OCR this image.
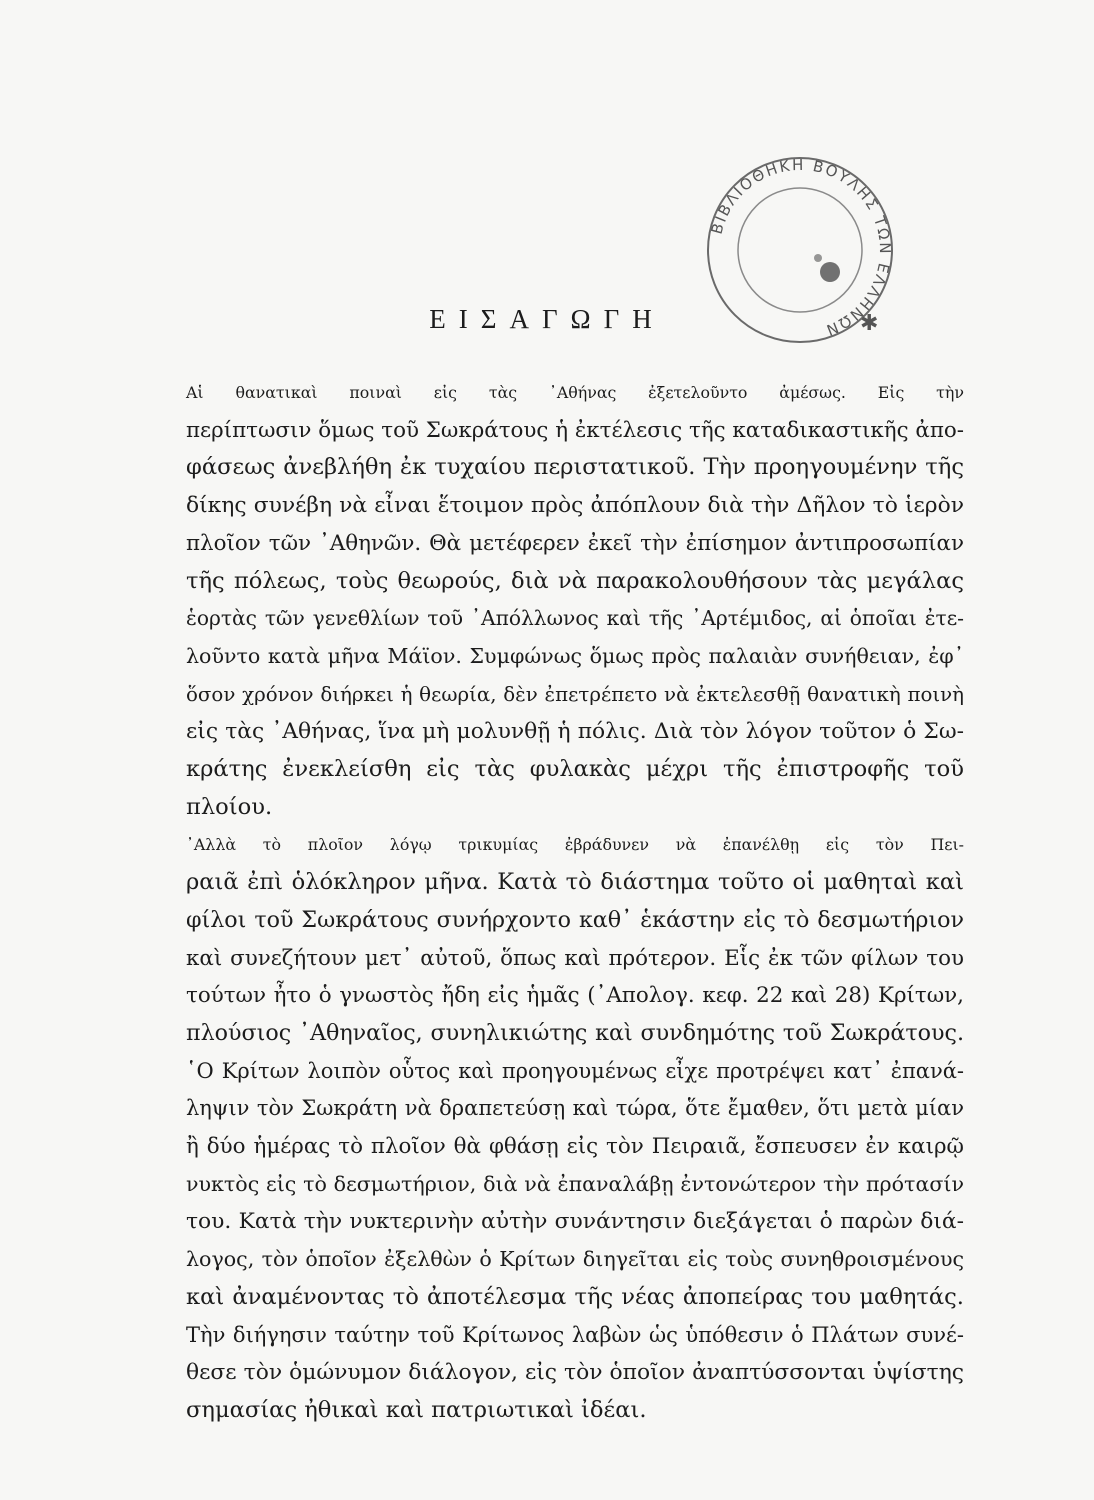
ΒΙΒΛΙΟΘΗΚΗ ΒΟΥΛΗΣ ΤΩΝ ΕΛΛΗΝΩΝ ✱
ΕΙΣΑΓΩΓΗ

Αἱ θανατικαὶ ποιναὶ εἰς τὰς ᾿Αθήνας ἐξετελοῦντο ἀμέσως. Εἰς τὴν
περίπτωσιν ὅμως τοῦ Σωκράτους ἡ ἐκτέλεσις τῆς καταδικαστικῆς ἀπο-
φάσεως ἀνεβλήθη ἐκ τυχαίου περιστατικοῦ. Τὴν προηγουμένην τῆς
δίκης συνέβη νὰ εἶναι ἕτοιμον πρὸς ἀπόπλουν διὰ τὴν Δῆλον τὸ ἱερὸν
πλοῖον τῶν ᾿Αθηνῶν. Θὰ μετέφερεν ἐκεῖ τὴν ἐπίσημον ἀντιπροσωπίαν
τῆς πόλεως, τοὺς θεωρούς, διὰ νὰ παρακολουθήσουν τὰς μεγάλας
ἑορτὰς τῶν γενεθλίων τοῦ ᾿Απόλλωνος καὶ τῆς ᾿Αρτέμιδος, αἱ ὁποῖαι ἐτε-
λοῦντο κατὰ μῆνα Μάϊον. Συμφώνως ὅμως πρὸς παλαιὰν συνήθειαν, ἐφ᾿
ὅσον χρόνον διήρκει ἡ θεωρία, δὲν ἐπετρέπετο νὰ ἐκτελεσθῇ θανατικὴ ποινὴ
εἰς τὰς ᾿Αθήνας, ἵνα μὴ μολυνθῇ ἡ πόλις. Διὰ τὸν λόγον τοῦτον ὁ Σω-
κράτης ἐνεκλείσθη εἰς τὰς φυλακὰς μέχρι τῆς ἐπιστροφῆς τοῦ
πλοίου.

᾿Αλλὰ τὸ πλοῖον λόγῳ τρικυμίας ἐβράδυνεν νὰ ἐπανέλθῃ εἰς τὸν Πει-
ραιᾶ ἐπὶ ὁλόκληρον μῆνα. Κατὰ τὸ διάστημα τοῦτο οἱ μαθηταὶ καὶ
φίλοι τοῦ Σωκράτους συνήρχοντο καθ᾿ ἑκάστην εἰς τὸ δεσμωτήριον
καὶ συνεζήτουν μετ᾿ αὐτοῦ, ὅπως καὶ πρότερον. Εἷς ἐκ τῶν φίλων του
τούτων ἦτο ὁ γνωστὸς ἤδη εἰς ἡμᾶς (᾿Απολογ. κεφ. 22 καὶ 28) Κρίτων,
πλούσιος ᾿Αθηναῖος, συνηλικιώτης καὶ συνδημότης τοῦ Σωκράτους.
῾Ο Κρίτων λοιπὸν οὗτος καὶ προηγουμένως εἶχε προτρέψει κατ᾿ ἐπανά-
ληψιν τὸν Σωκράτη νὰ δραπετεύσῃ καὶ τώρα, ὅτε ἔμαθεν, ὅτι μετὰ μίαν
ἢ δύο ἡμέρας τὸ πλοῖον θὰ φθάσῃ εἰς τὸν Πειραιᾶ, ἔσπευσεν ἐν καιρῷ
νυκτὸς εἰς τὸ δεσμωτήριον, διὰ νὰ ἐπαναλάβῃ ἐντονώτερον τὴν πρότασίν
του. Κατὰ τὴν νυκτερινὴν αὐτὴν συνάντησιν διεξάγεται ὁ παρὼν διά-
λογος, τὸν ὁποῖον ἐξελθὼν ὁ Κρίτων διηγεῖται εἰς τοὺς συνηθροισμένους
καὶ ἀναμένοντας τὸ ἀποτέλεσμα τῆς νέας ἀποπείρας του μαθητάς.
Τὴν διήγησιν ταύτην τοῦ Κρίτωνος λαβὼν ὡς ὑπόθεσιν ὁ Πλάτων συνέ-
θεσε τὸν ὁμώνυμον διάλογον, εἰς τὸν ὁποῖον ἀναπτύσσονται ὑψίστης
σημασίας ἠθικαὶ καὶ πατριωτικαὶ ἰδέαι.
